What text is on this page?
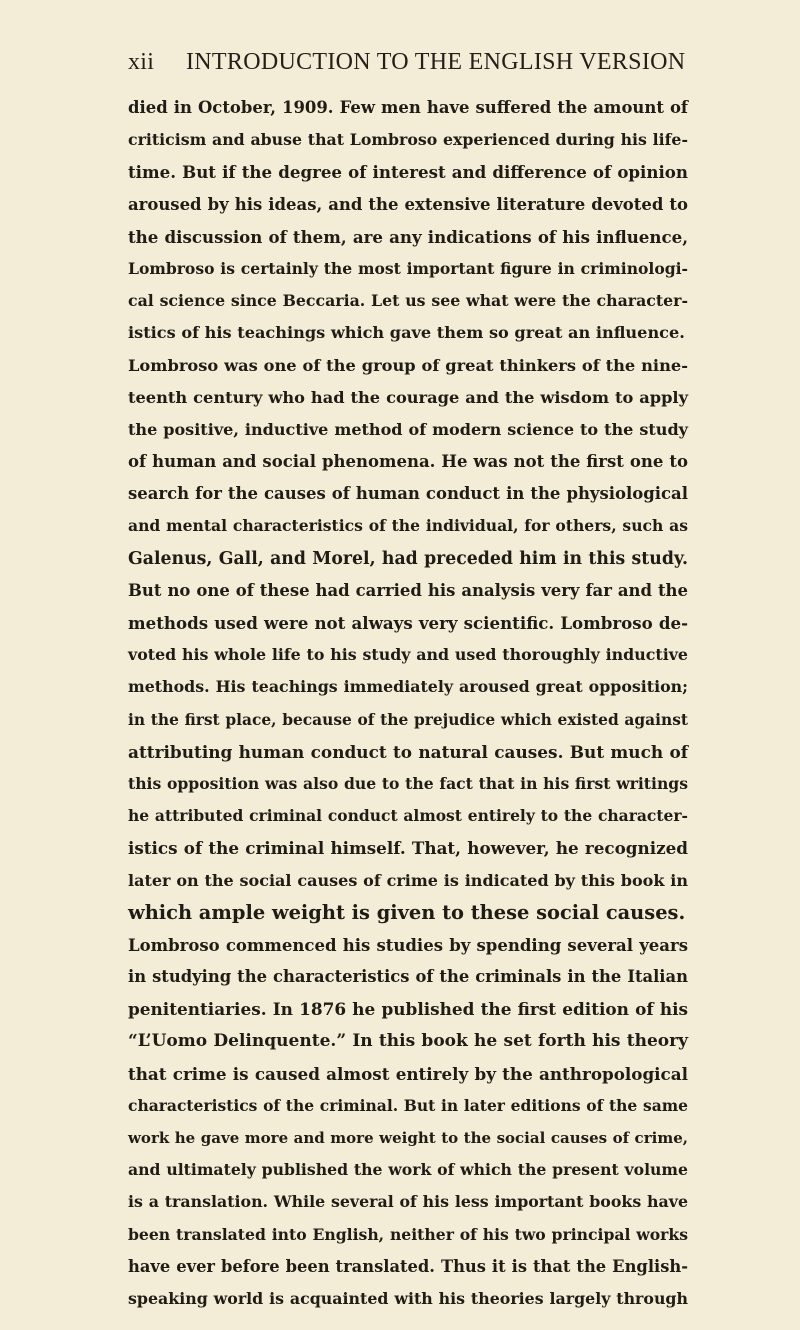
xii INTRODUCTION TO THE ENGLISH VERSION
died in October, 1909. Few men have suffered the amount of
criticism and abuse that Lombroso experienced during his life-
time. But if the degree of interest and difference of opinion
aroused by his ideas, and the extensive literature devoted to
the discussion of them, are any indications of his influence,
Lombroso is certainly the most important figure in criminologi-
cal science since Beccaria. Let us see what were the character-
istics of his teachings which gave them so great an influence.
Lombroso was one of the group of great thinkers of the nine-
teenth century who had the courage and the wisdom to apply
the positive, inductive method of modern science to the study
of human and social phenomena. He was not the first one to
search for the causes of human conduct in the physiological
and mental characteristics of the individual, for others, such as
Galenus, Gall, and Morel, had preceded him in this study.
But no one of these had carried his analysis very far and the
methods used were not always very scientific. Lombroso de-
voted his whole life to his study and used thoroughly inductive
methods. His teachings immediately aroused great opposition;
in the first place, because of the prejudice which existed against
attributing human conduct to natural causes. But much of
this opposition was also due to the fact that in his first writings
he attributed criminal conduct almost entirely to the character-
istics of the criminal himself. That, however, he recognized
later on the social causes of crime is indicated by this book in
which ample weight is given to these social causes.
Lombroso commenced his studies by spending several years
in studying the characteristics of the criminals in the Italian
penitentiaries. In 1876 he published the first edition of his
“L’Uomo Delinquente.” In this book he set forth his theory
that crime is caused almost entirely by the anthropological
characteristics of the criminal. But in later editions of the same
work he gave more and more weight to the social causes of crime,
and ultimately published the work of which the present volume
is a translation. While several of his less important books have
been translated into English, neither of his two principal works
have ever before been translated. Thus it is that the English-
speaking world is acquainted with his theories largely through
